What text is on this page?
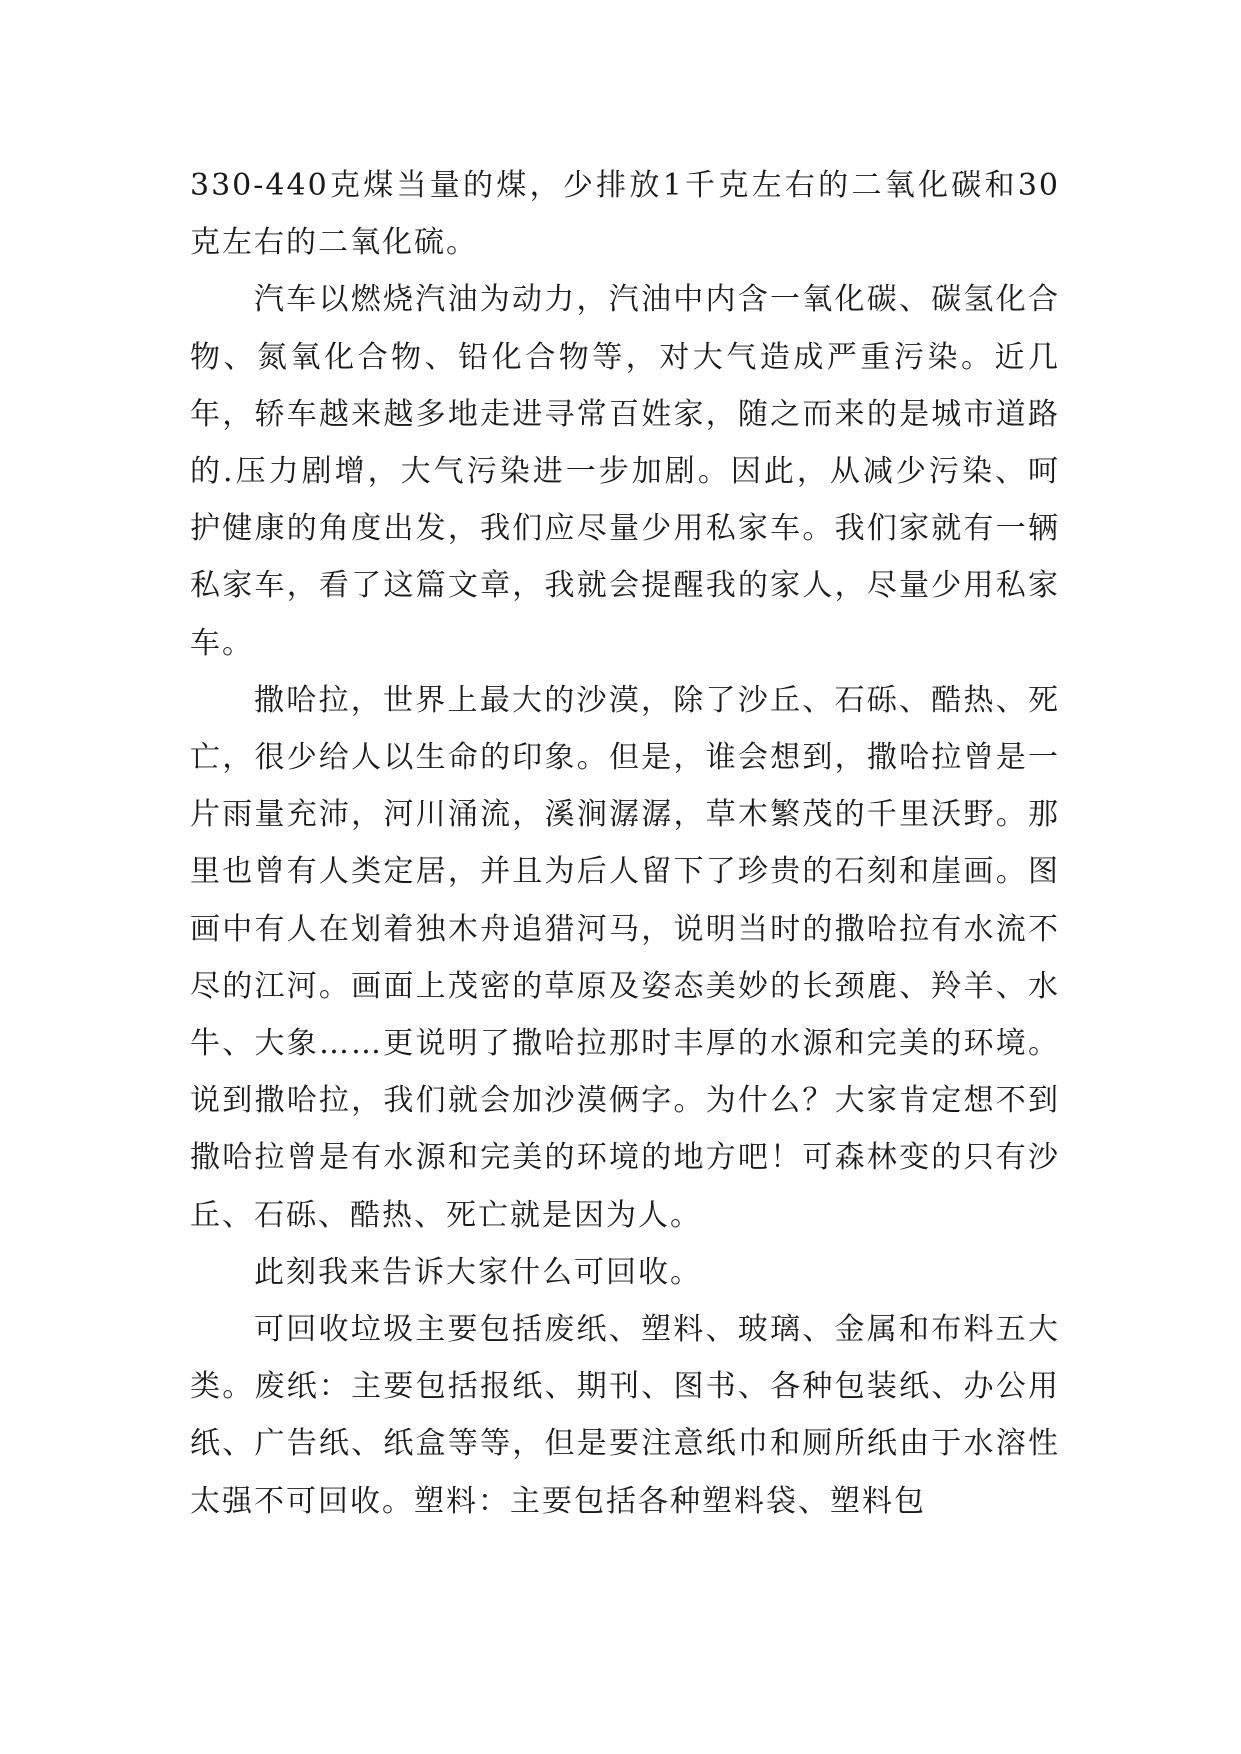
330-440克煤当量的煤，少排放1千克左右的二氧化碳和30克左右的二氧化硫。

汽车以燃烧汽油为动力，汽油中内含一氧化碳、碳氢化合物、氮氧化合物、铅化合物等，对大气造成严重污染。近几年，轿车越来越多地走进寻常百姓家，随之而来的是城市道路的.压力剧增，大气污染进一步加剧。因此，从减少污染、呵护健康的角度出发，我们应尽量少用私家车。我们家就有一辆私家车，看了这篇文章，我就会提醒我的家人，尽量少用私家车。

撒哈拉，世界上最大的沙漠，除了沙丘、石砾、酷热、死亡，很少给人以生命的印象。但是，谁会想到，撒哈拉曾是一片雨量充沛，河川涌流，溪涧潺潺，草木繁茂的千里沃野。那里也曾有人类定居，并且为后人留下了珍贵的石刻和崖画。图画中有人在划着独木舟追猎河马，说明当时的撒哈拉有水流不尽的江河。画面上茂密的草原及姿态美妙的长颈鹿、羚羊、水牛、大象……更说明了撒哈拉那时丰厚的水源和完美的环境。说到撒哈拉，我们就会加沙漠俩字。为什么？大家肯定想不到撒哈拉曾是有水源和完美的环境的地方吧！可森林变的只有沙丘、石砾、酷热、死亡就是因为人。

此刻我来告诉大家什么可回收。

可回收垃圾主要包括废纸、塑料、玻璃、金属和布料五大类。废纸：主要包括报纸、期刊、图书、各种包装纸、办公用纸、广告纸、纸盒等等，但是要注意纸巾和厕所纸由于水溶性太强不可回收。塑料：主要包括各种塑料袋、塑料包
